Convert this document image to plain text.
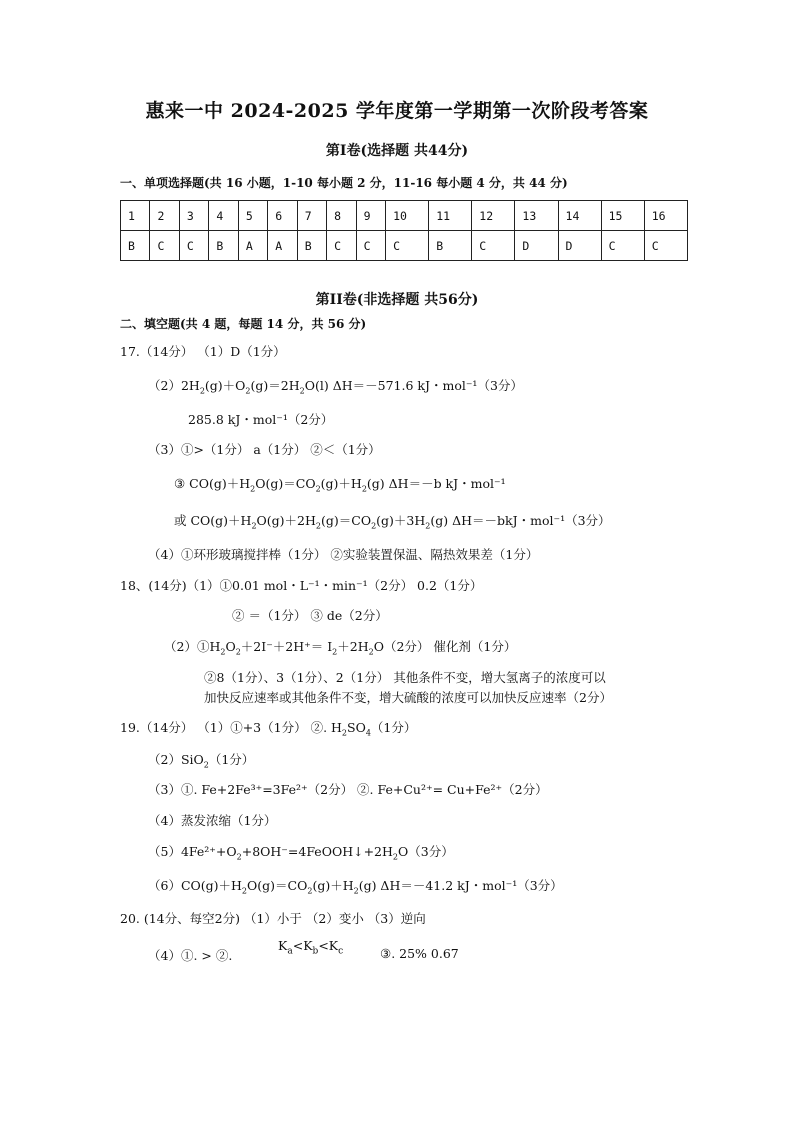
惠来一中 2024-2025 学年度第一学期第一次阶段考答案
第Ⅰ卷(选择题 共44分)
一、单项选择题(共 16 小题，1-10 每小题 2 分，11-16 每小题 4 分，共 44 分)
1	2	3	4	5	6	7	8	9	10	11	12	13	14	15	16
B	C	C	B	A	A	B	C	C	C	B	C	D	D	C	C
第II卷(非选择题 共56分)
二、填空题(共 4 题，每题 14 分，共 56 分)
17.（14分） （1）D（1分）
$(2)2H_2(g)+O_2(g)=2H_2O(l)$ ΔH＝－571.6 kJ・mol⁻¹（3分）
285.8 kJ・mol⁻¹（2分）
（3）①>（1分） a（1分） ②＜（1分）
③ $CO(g)+H_2O(g)=CO_2(g)+H_2(g)$ ΔH＝－b kJ・mol⁻¹
或 $CO(g)+H_2O(g)+2H_2(g)=CO_2(g)+3H_2(g)$ ΔH＝－bkJ・mol⁻¹（3分）
（4）①环形玻璃搅拌棒（1分） ②实验装置保温、隔热效果差（1分）
18、(14分)（1）①0.01 mol・L⁻¹・min⁻¹（2分） 0.2（1分）
② ＝（1分） ③ de（2分）
$(2)①H_2O_2+2I^-+2H^+= I_2+2H_2O(2$分） 催化剂（1分）
②8（1分）、3（1分）、2（1分） 其他条件不变，增大氢离子的浓度可以
加快反应速率或其他条件不变，增大硫酸的浓度可以加快反应速率（2分）
19.（14分） （1）①+3（1分） ②. $H_2SO_4(1$分）
（2）SiO$_2$（1分）
（3）①. Fe+2Fe³⁺=3Fe²⁺（2分） ②. Fe+Cu²⁺= Cu+Fe²⁺（2分）
（4）蒸发浓缩（1分）
$(5)4Fe^{2+}+O_2+8OH^-=4FeOOH↓+2H_2O(3$分）
$(6)CO(g)+H_2O(g)=CO_2(g)+H_2(g)$ ΔH＝－41.2 kJ・mol⁻¹（3分）
20. (14分、每空2分) （1）小于 （2）变小 （3）逆向
（4）①. > ②.
$K_a<K_b<K_c$	③. 25% 0.67
